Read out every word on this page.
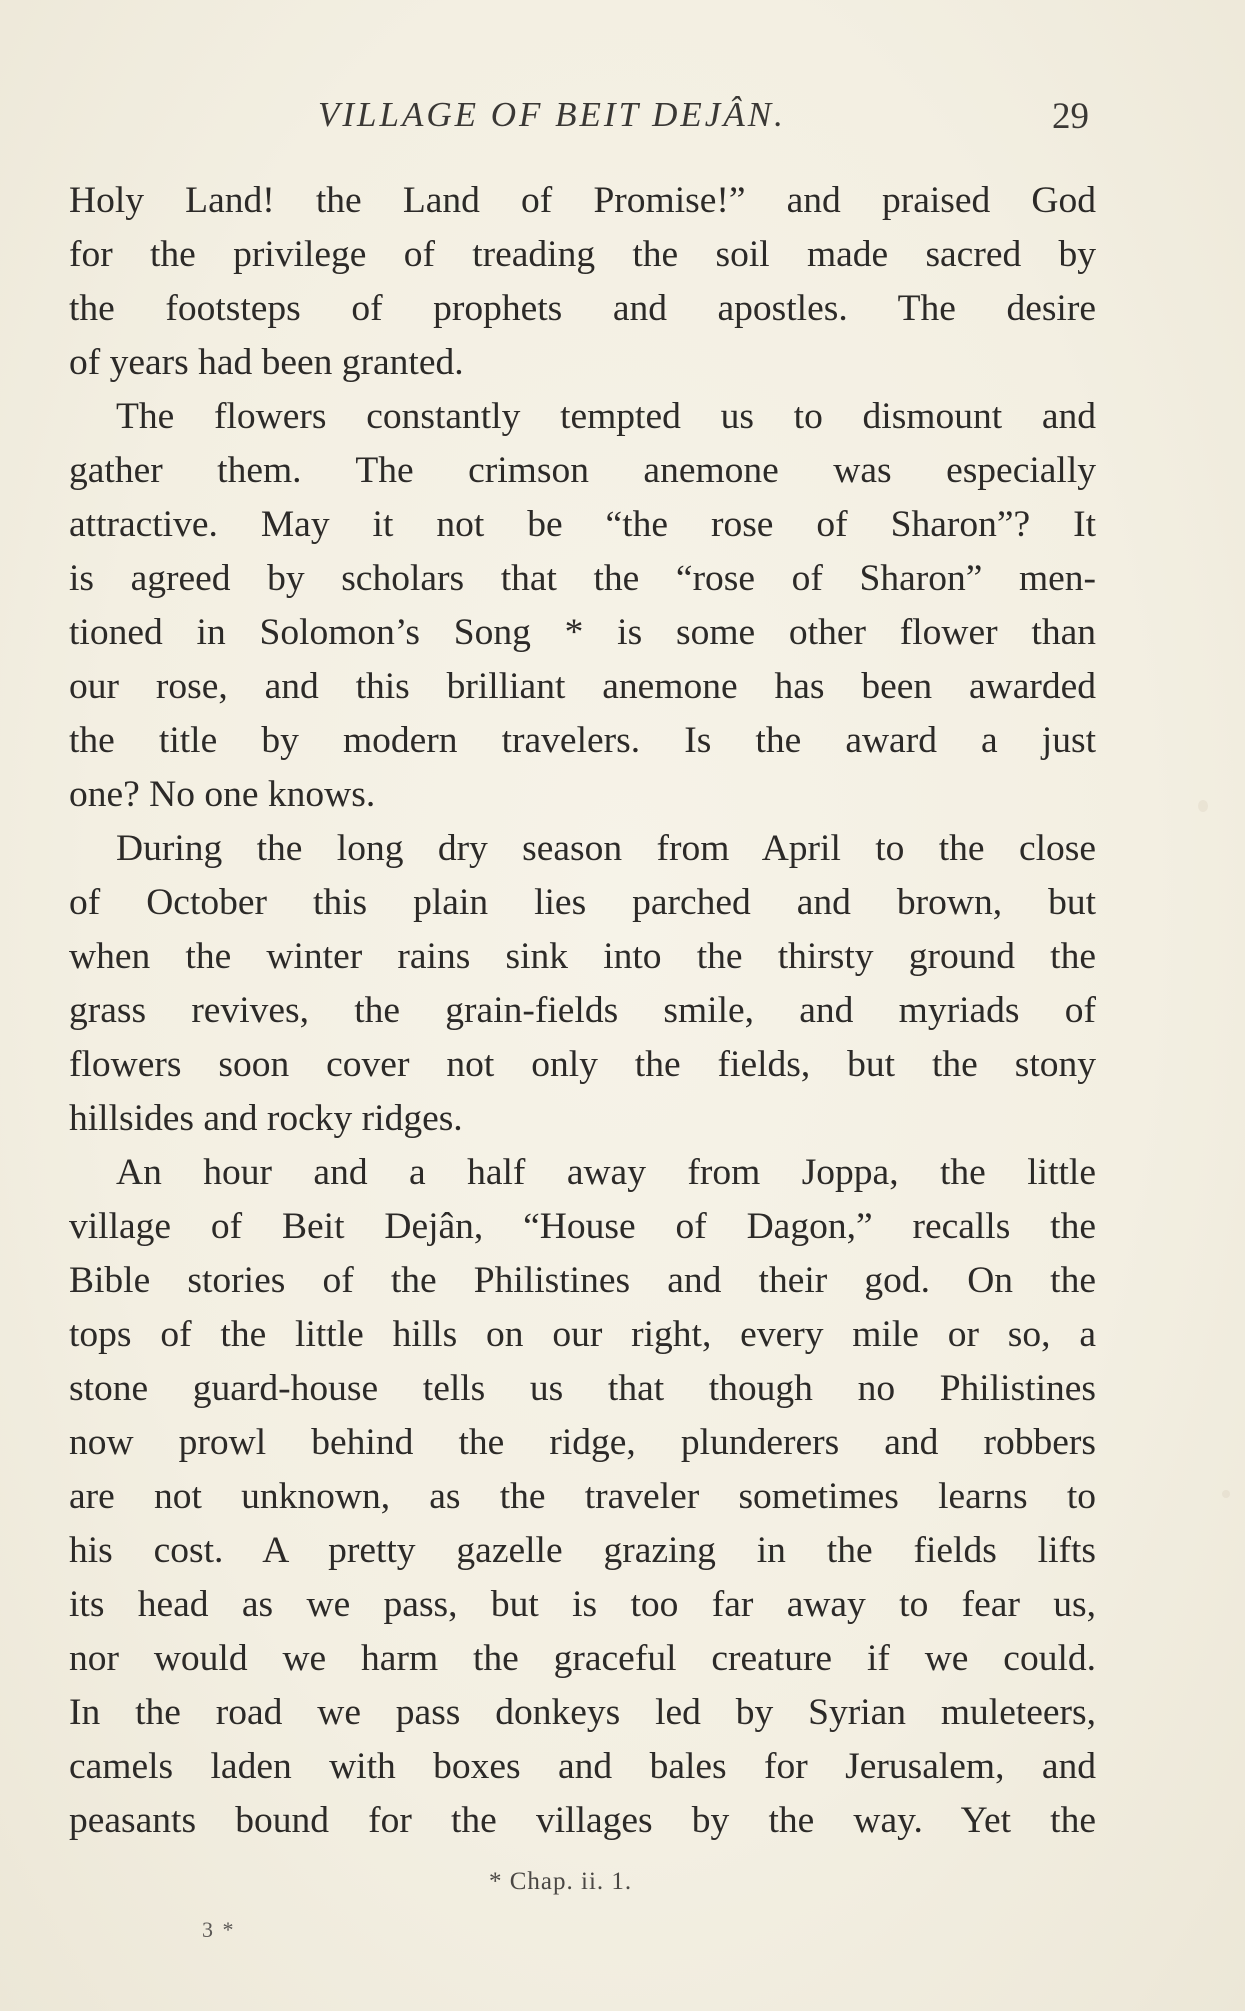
VILLAGE OF BEIT DEJÂN.	29
Holy Land! the Land of Promise!” and praised God
for the privilege of treading the soil made sacred by
the footsteps of prophets and apostles. The desire
of years had been granted.
The flowers constantly tempted us to dismount and
gather them. The crimson anemone was especially
attractive. May it not be “the rose of Sharon”? It
is agreed by scholars that the “rose of Sharon” men-
tioned in Solomon’s Song * is some other flower than
our rose, and this brilliant anemone has been awarded
the title by modern travelers. Is the award a just
one? No one knows.
During the long dry season from April to the close
of October this plain lies parched and brown, but
when the winter rains sink into the thirsty ground the
grass revives, the grain-fields smile, and myriads of
flowers soon cover not only the fields, but the stony
hillsides and rocky ridges.
An hour and a half away from Joppa, the little
village of Beit Dejân, “House of Dagon,” recalls the
Bible stories of the Philistines and their god. On the
tops of the little hills on our right, every mile or so, a
stone guard-house tells us that though no Philistines
now prowl behind the ridge, plunderers and robbers
are not unknown, as the traveler sometimes learns to
his cost. A pretty gazelle grazing in the fields lifts
its head as we pass, but is too far away to fear us,
nor would we harm the graceful creature if we could.
In the road we pass donkeys led by Syrian muleteers,
camels laden with boxes and bales for Jerusalem, and
peasants bound for the villages by the way. Yet the
* Chap. ii. 1.
3 *
